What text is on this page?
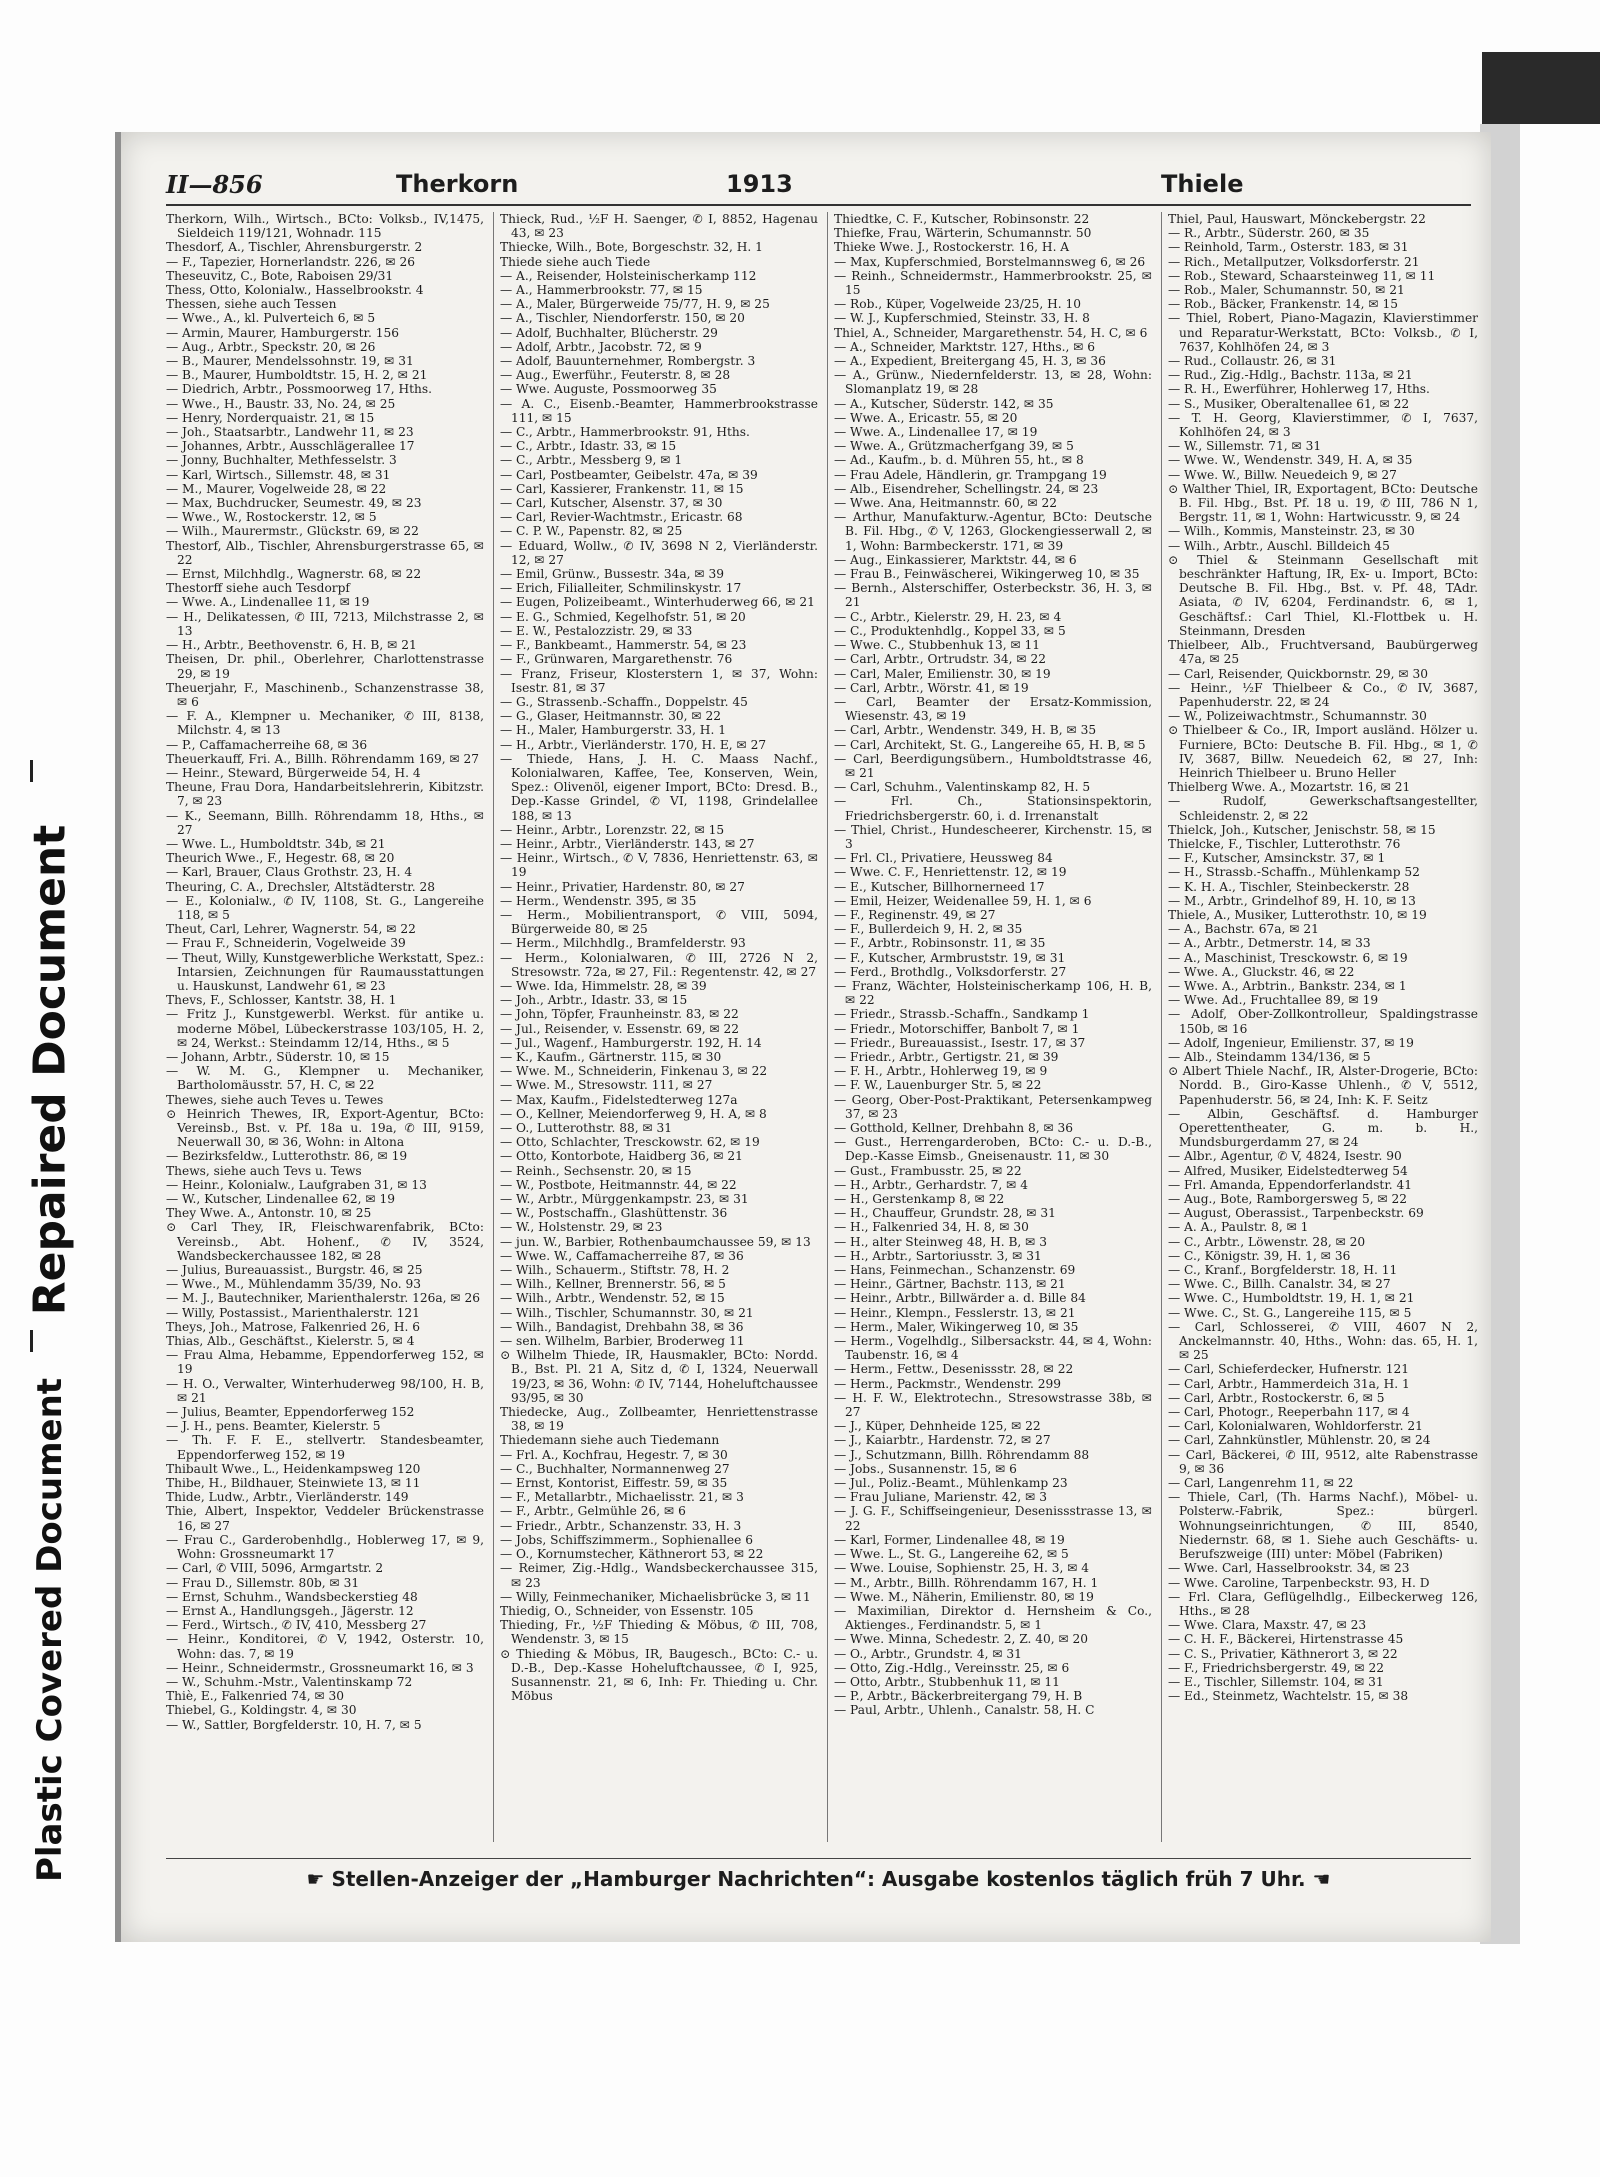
Repaired Document
Plastic Covered Document
II—856	Therkorn	1913	Thiele

Therkorn, Wilh., Wirtsch., BCto: Volksb., IV,1475, Sieldeich 119/121, Wohnadr. 115

Thesdorf, A., Tischler, Ahrensburgerstr. 2

— F., Tapezier, Hornerlandstr. 226, ✉ 26

Theseuvitz, C., Bote, Raboisen 29/31

Thess, Otto, Kolonialw., Hasselbrookstr. 4

Thessen, siehe auch Tessen

— Wwe., A., kl. Pulverteich 6, ✉ 5

— Armin, Maurer, Hamburgerstr. 156

— Aug., Arbtr., Speckstr. 20, ✉ 26

— B., Maurer, Mendelssohnstr. 19, ✉ 31

— B., Maurer, Humboldtstr. 15, H. 2, ✉ 21

— Diedrich, Arbtr., Possmoorweg 17, Hths.

— Wwe., H., Baustr. 33, No. 24, ✉ 25

— Henry, Norderquaistr. 21, ✉ 15

— Joh., Staatsarbtr., Landwehr 11, ✉ 23

— Johannes, Arbtr., Ausschlägerallee 17

— Jonny, Buchhalter, Methfesselstr. 3

— Karl, Wirtsch., Sillemstr. 48, ✉ 31

— M., Maurer, Vogelweide 28, ✉ 22

— Max, Buchdrucker, Seumestr. 49, ✉ 23

— Wwe., W., Rostockerstr. 12, ✉ 5

— Wilh., Maurermstr., Glückstr. 69, ✉ 22

Thestorf, Alb., Tischler, Ahrensburgerstrasse 65, ✉ 22

— Ernst, Milchhdlg., Wagnerstr. 68, ✉ 22

Thestorff siehe auch Tesdorpf

— Wwe. A., Lindenallee 11, ✉ 19

— H., Delikatessen, ✆ III, 7213, Milchstrasse 2, ✉ 13

— H., Arbtr., Beethovenstr. 6, H. B, ✉ 21

Theisen, Dr. phil., Oberlehrer, Charlottenstrasse 29, ✉ 19

Theuerjahr, F., Maschinenb., Schanzenstrasse 38, ✉ 6

— F. A., Klempner u. Mechaniker, ✆ III, 8138, Milchstr. 4, ✉ 13

— P., Caffamacherreihe 68, ✉ 36

Theuerkauff, Fri. A., Billh. Röhrendamm 169, ✉ 27

— Heinr., Steward, Bürgerweide 54, H. 4

Theune, Frau Dora, Handarbeitslehrerin, Kibitzstr. 7, ✉ 23

— K., Seemann, Billh. Röhrendamm 18, Hths., ✉ 27

— Wwe. L., Humboldtstr. 34b, ✉ 21

Theurich Wwe., F., Hegestr. 68, ✉ 20

— Karl, Brauer, Claus Grothstr. 23, H. 4

Theuring, C. A., Drechsler, Altstädterstr. 28

— E., Kolonialw., ✆ IV, 1108, St. G., Langereihe 118, ✉ 5

Theut, Carl, Lehrer, Wagnerstr. 54, ✉ 22

— Frau F., Schneiderin, Vogelweide 39

— Theut, Willy, Kunstgewerbliche Werkstatt, Spez.: Intarsien, Zeichnungen für Raumausstattungen u. Hauskunst, Landwehr 61, ✉ 23

Thevs, F., Schlosser, Kantstr. 38, H. 1

— Fritz J., Kunstgewerbl. Werkst. für antike u. moderne Möbel, Lübeckerstrasse 103/105, H. 2, ✉ 24, Werkst.: Steindamm 12/14, Hths., ✉ 5

— Johann, Arbtr., Süderstr. 10, ✉ 15

— W. M. G., Klempner u. Mechaniker, Bartholomäusstr. 57, H. C, ✉ 22

Thewes, siehe auch Teves u. Tewes

⊙ Heinrich Thewes, IR, Export-Agentur, BCto: Vereinsb., Bst. v. Pf. 18a u. 19a, ✆ III, 9159, Neuerwall 30, ✉ 36, Wohn: in Altona

— Bezirksfeldw., Lutterothstr. 86, ✉ 19

Thews, siehe auch Tevs u. Tews

— Heinr., Kolonialw., Laufgraben 31, ✉ 13

— W., Kutscher, Lindenallee 62, ✉ 19

They Wwe. A., Antonstr. 10, ✉ 25

⊙ Carl They, IR, Fleischwarenfabrik, BCto: Vereinsb., Abt. Hohenf., ✆ IV, 3524, Wandsbeckerchaussee 182, ✉ 28

— Julius, Bureauassist., Burgstr. 46, ✉ 25

— Wwe., M., Mühlendamm 35/39, No. 93

— M. J., Bautechniker, Marienthalerstr. 126a, ✉ 26

— Willy, Postassist., Marienthalerstr. 121

Theys, Joh., Matrose, Falkenried 26, H. 6

Thias, Alb., Geschäftst., Kielerstr. 5, ✉ 4

— Frau Alma, Hebamme, Eppendorferweg 152, ✉ 19

— H. O., Verwalter, Winterhuderweg 98/100, H. B, ✉ 21

— Julius, Beamter, Eppendorferweg 152

— J. H., pens. Beamter, Kielerstr. 5

— Th. F. F. E., stellvertr. Standesbeamter, Eppendorferweg 152, ✉ 19

Thibault Wwe., L., Heidenkampsweg 120

Thibe, H., Bildhauer, Steinwiete 13, ✉ 11

Thide, Ludw., Arbtr., Vierländerstr. 149

Thie, Albert, Inspektor, Veddeler Brückenstrasse 16, ✉ 27

— Frau C., Garderobenhdlg., Hoblerweg 17, ✉ 9, Wohn: Grossneumarkt 17

— Carl, ✆ VIII, 5096, Armgartstr. 2

— Frau D., Sillemstr. 80b, ✉ 31

— Ernst, Schuhm., Wandsbeckerstieg 48

— Ernst A., Handlungsgeh., Jägerstr. 12

— Ferd., Wirtsch., ✆ IV, 410, Messberg 27

— Heinr., Konditorei, ✆ V, 1942, Osterstr. 10, Wohn: das. 7, ✉ 19

— Heinr., Schneidermstr., Grossneumarkt 16, ✉ 3

— W., Schuhm.-Mstr., Valentinskamp 72

Thiè, E., Falkenried 74, ✉ 30

Thiebel, G., Koldingstr. 4, ✉ 30

— W., Sattler, Borgfelderstr. 10, H. 7, ✉ 5

Thieck, Rud., ½F H. Saenger, ✆ I, 8852, Hagenau 43, ✉ 23

Thiecke, Wilh., Bote, Borgeschstr. 32, H. 1

Thiede siehe auch Tiede

— A., Reisender, Holsteinischerkamp 112

— A., Hammerbrookstr. 77, ✉ 15

— A., Maler, Bürgerweide 75/77, H. 9, ✉ 25

— A., Tischler, Niendorferstr. 150, ✉ 20

— Adolf, Buchhalter, Blücherstr. 29

— Adolf, Arbtr., Jacobstr. 72, ✉ 9

— Adolf, Bauunternehmer, Rombergstr. 3

— Aug., Ewerführ., Feuterstr. 8, ✉ 28

— Wwe. Auguste, Possmoorweg 35

— A. C., Eisenb.-Beamter, Hammerbrookstrasse 111, ✉ 15

— C., Arbtr., Hammerbrookstr. 91, Hths.

— C., Arbtr., Idastr. 33, ✉ 15

— C., Arbtr., Messberg 9, ✉ 1

— Carl, Postbeamter, Geibelstr. 47a, ✉ 39

— Carl, Kassierer, Frankenstr. 11, ✉ 15

— Carl, Kutscher, Alsenstr. 37, ✉ 30

— Carl, Revier-Wachtmstr., Ericastr. 68

— C. P. W., Papenstr. 82, ✉ 25

— Eduard, Wollw., ✆ IV, 3698 N 2, Vierländerstr. 12, ✉ 27

— Emil, Grünw., Bussestr. 34a, ✉ 39

— Erich, Filialleiter, Schmilinskystr. 17

— Eugen, Polizeibeamt., Winterhuderweg 66, ✉ 21

— E. G., Schmied, Kegelhofstr. 51, ✉ 20

— E. W., Pestalozzistr. 29, ✉ 33

— F., Bankbeamt., Hammerstr. 54, ✉ 23

— F., Grünwaren, Margarethenstr. 76

— Franz, Friseur, Klosterstern 1, ✉ 37, Wohn: Isestr. 81, ✉ 37

— G., Strassenb.-Schaffn., Doppelstr. 45

— G., Glaser, Heitmannstr. 30, ✉ 22

— H., Maler, Hamburgerstr. 33, H. 1

— H., Arbtr., Vierländerstr. 170, H. E, ✉ 27

— Thiede, Hans, J. H. C. Maass Nachf., Kolonialwaren, Kaffee, Tee, Konserven, Wein, Spez.: Olivenöl, eigener Import, BCto: Dresd. B., Dep.-Kasse Grindel, ✆ VI, 1198, Grindelallee 188, ✉ 13

— Heinr., Arbtr., Lorenzstr. 22, ✉ 15

— Heinr., Arbtr., Vierländerstr. 143, ✉ 27

— Heinr., Wirtsch., ✆ V, 7836, Henriettenstr. 63, ✉ 19

— Heinr., Privatier, Hardenstr. 80, ✉ 27

— Herm., Wendenstr. 395, ✉ 35

— Herm., Mobilientransport, ✆ VIII, 5094, Bürgerweide 80, ✉ 25

— Herm., Milchhdlg., Bramfelderstr. 93

— Herm., Kolonialwaren, ✆ III, 2726 N 2, Stresowstr. 72a, ✉ 27, Fil.: Regentenstr. 42, ✉ 27

— Wwe. Ida, Himmelstr. 28, ✉ 39

— Joh., Arbtr., Idastr. 33, ✉ 15

— John, Töpfer, Fraunheinstr. 83, ✉ 22

— Jul., Reisender, v. Essenstr. 69, ✉ 22

— Jul., Wagenf., Hamburgerstr. 192, H. 14

— K., Kaufm., Gärtnerstr. 115, ✉ 30

— Wwe. M., Schneiderin, Finkenau 3, ✉ 22

— Wwe. M., Stresowstr. 111, ✉ 27

— Max, Kaufm., Fidelstedterweg 127a

— O., Kellner, Meiendorferweg 9, H. A, ✉ 8

— O., Lutterothstr. 88, ✉ 31

— Otto, Schlachter, Tresckowstr. 62, ✉ 19

— Otto, Kontorbote, Haidberg 36, ✉ 21

— Reinh., Sechsenstr. 20, ✉ 15

— W., Postbote, Heitmannstr. 44, ✉ 22

— W., Arbtr., Mürggenkampstr. 23, ✉ 31

— W., Postschaffn., Glashüttenstr. 36

— W., Holstenstr. 29, ✉ 23

— jun. W., Barbier, Rothenbaumchaussee 59, ✉ 13

— Wwe. W., Caffamacherreihe 87, ✉ 36

— Wilh., Schauerm., Stiftstr. 78, H. 2

— Wilh., Kellner, Brennerstr. 56, ✉ 5

— Wilh., Arbtr., Wendenstr. 52, ✉ 15

— Wilh., Tischler, Schumannstr. 30, ✉ 21

— Wilh., Bandagist, Drehbahn 38, ✉ 36

— sen. Wilhelm, Barbier, Broderweg 11

⊙ Wilhelm Thiede, IR, Hausmakler, BCto: Nordd. B., Bst. Pl. 21 A, Sitz d, ✆ I, 1324, Neuerwall 19/23, ✉ 36, Wohn: ✆ IV, 7144, Hoheluftchaussee 93/95, ✉ 30

Thiedecke, Aug., Zollbeamter, Henriettenstrasse 38, ✉ 19

Thiedemann siehe auch Tiedemann

— Frl. A., Kochfrau, Hegestr. 7, ✉ 30

— C., Buchhalter, Normannenweg 27

— Ernst, Kontorist, Eiffestr. 59, ✉ 35

— F., Metallarbtr., Michaelisstr. 21, ✉ 3

— F., Arbtr., Gelmühle 26, ✉ 6

— Friedr., Arbtr., Schanzenstr. 33, H. 3

— Jobs, Schiffszimmerm., Sophienallee 6

— O., Kornumstecher, Käthnerort 53, ✉ 22

— Reimer, Zig.-Hdlg., Wandsbeckerchaussee 315, ✉ 23

— Willy, Feinmechaniker, Michaelisbrücke 3, ✉ 11

Thiedig, O., Schneider, von Essenstr. 105

Thieding, Fr., ½F Thieding & Möbus, ✆ III, 708, Wendenstr. 3, ✉ 15

⊙ Thieding & Möbus, IR, Baugesch., BCto: C.- u. D.-B., Dep.-Kasse Hoheluftchaussee, ✆ I, 925, Susannenstr. 21, ✉ 6, Inh: Fr. Thieding u. Chr. Möbus

Thiedtke, C. F., Kutscher, Robinsonstr. 22

Thiefke, Frau, Wärterin, Schumannstr. 50

Thieke Wwe. J., Rostockerstr. 16, H. A

— Max, Kupferschmied, Borstelmannsweg 6, ✉ 26

— Reinh., Schneidermstr., Hammerbrookstr. 25, ✉ 15

— Rob., Küper, Vogelweide 23/25, H. 10

— W. J., Kupferschmied, Steinstr. 33, H. 8

Thiel, A., Schneider, Margarethenstr. 54, H. C, ✉ 6

— A., Schneider, Marktstr. 127, Hths., ✉ 6

— A., Expedient, Breitergang 45, H. 3, ✉ 36

— A., Grünw., Niedernfelderstr. 13, ✉ 28, Wohn: Slomanplatz 19, ✉ 28

— A., Kutscher, Süderstr. 142, ✉ 35

— Wwe. A., Ericastr. 55, ✉ 20

— Wwe. A., Lindenallee 17, ✉ 19

— Wwe. A., Grützmacherfgang 39, ✉ 5

— Ad., Kaufm., b. d. Mühren 55, ht., ✉ 8

— Frau Adele, Händlerin, gr. Trampgang 19

— Alb., Eisendreher, Schellingstr. 24, ✉ 23

— Wwe. Ana, Heitmannstr. 60, ✉ 22

— Arthur, Manufakturw.-Agentur, BCto: Deutsche B. Fil. Hbg., ✆ V, 1263, Glockengiesserwall 2, ✉ 1, Wohn: Barmbeckerstr. 171, ✉ 39

— Aug., Einkassierer, Marktstr. 44, ✉ 6

— Frau B., Feinwäscherei, Wikingerweg 10, ✉ 35

— Bernh., Alsterschiffer, Osterbeckstr. 36, H. 3, ✉ 21

— C., Arbtr., Kielerstr. 29, H. 23, ✉ 4

— C., Produktenhdlg., Koppel 33, ✉ 5

— Wwe. C., Stubbenhuk 13, ✉ 11

— Carl, Arbtr., Ortrudstr. 34, ✉ 22

— Carl, Maler, Emilienstr. 30, ✉ 19

— Carl, Arbtr., Wörstr. 41, ✉ 19

— Carl, Beamter der Ersatz-Kommission, Wiesenstr. 43, ✉ 19

— Carl, Arbtr., Wendenstr. 349, H. B, ✉ 35

— Carl, Architekt, St. G., Langereihe 65, H. B, ✉ 5

— Carl, Beerdigungsübern., Humboldtstrasse 46, ✉ 21

— Carl, Schuhm., Valentinskamp 82, H. 5

— Frl. Ch., Stationsinspektorin, Friedrichsbergerstr. 60, i. d. Irrenanstalt

— Thiel, Christ., Hundescheerer, Kirchenstr. 15, ✉ 3

— Frl. Cl., Privatiere, Heussweg 84

— Wwe. C. F., Henriettenstr. 12, ✉ 19

— E., Kutscher, Billhornerneed 17

— Emil, Heizer, Weidenallee 59, H. 1, ✉ 6

— F., Reginenstr. 49, ✉ 27

— F., Bullerdeich 9, H. 2, ✉ 35

— F., Arbtr., Robinsonstr. 11, ✉ 35

— F., Kutscher, Armbruststr. 19, ✉ 31

— Ferd., Brothdlg., Volksdorferstr. 27

— Franz, Wächter, Holsteinischerkamp 106, H. B, ✉ 22

— Friedr., Strassb.-Schaffn., Sandkamp 1

— Friedr., Motorschiffer, Banbolt 7, ✉ 1

— Friedr., Bureauassist., Isestr. 17, ✉ 37

— Friedr., Arbtr., Gertigstr. 21, ✉ 39

— F. H., Arbtr., Hohlerweg 19, ✉ 9

— F. W., Lauenburger Str. 5, ✉ 22

— Georg, Ober-Post-Praktikant, Petersenkampweg 37, ✉ 23

— Gotthold, Kellner, Drehbahn 8, ✉ 36

— Gust., Herrengarderoben, BCto: C.- u. D.-B., Dep.-Kasse Eimsb., Gneisenaustr. 11, ✉ 30

— Gust., Frambusstr. 25, ✉ 22

— H., Arbtr., Gerhardstr. 7, ✉ 4

— H., Gerstenkamp 8, ✉ 22

— H., Chauffeur, Grundstr. 28, ✉ 31

— H., Falkenried 34, H. 8, ✉ 30

— H., alter Steinweg 48, H. B, ✉ 3

— H., Arbtr., Sartoriusstr. 3, ✉ 31

— Hans, Feinmechan., Schanzenstr. 69

— Heinr., Gärtner, Bachstr. 113, ✉ 21

— Heinr., Arbtr., Billwärder a. d. Bille 84

— Heinr., Klempn., Fesslerstr. 13, ✉ 21

— Herm., Maler, Wikingerweg 10, ✉ 35

— Herm., Vogelhdlg., Silbersackstr. 44, ✉ 4, Wohn: Taubenstr. 16, ✉ 4

— Herm., Fettw., Desenissstr. 28, ✉ 22

— Herm., Packmstr., Wendenstr. 299

— H. F. W., Elektrotechn., Stresowstrasse 38b, ✉ 27

— J., Küper, Dehnheide 125, ✉ 22

— J., Kaiarbtr., Hardenstr. 72, ✉ 27

— J., Schutzmann, Billh. Röhrendamm 88

— Jobs., Susannenstr. 15, ✉ 6

— Jul., Poliz.-Beamt., Mühlenkamp 23

— Frau Juliane, Marienstr. 42, ✉ 3

— J. G. F., Schiffseingenieur, Desenissstrasse 13, ✉ 22

— Karl, Former, Lindenallee 48, ✉ 19

— Wwe. L., St. G., Langereihe 62, ✉ 5

— Wwe. Louise, Sophienstr. 25, H. 3, ✉ 4

— M., Arbtr., Billh. Röhrendamm 167, H. 1

— Wwe. M., Näherin, Emilienstr. 80, ✉ 19

— Maximilian, Direktor d. Hernsheim & Co., Aktienges., Ferdinandstr. 5, ✉ 1

— Wwe. Minna, Schedestr. 2, Z. 40, ✉ 20

— O., Arbtr., Grundstr. 4, ✉ 31

— Otto, Zig.-Hdlg., Vereinsstr. 25, ✉ 6

— Otto, Arbtr., Stubbenhuk 11, ✉ 11

— P., Arbtr., Bäckerbreitergang 79, H. B

— Paul, Arbtr., Uhlenh., Canalstr. 58, H. C

Thiel, Paul, Hauswart, Mönckebergstr. 22

— R., Arbtr., Süderstr. 260, ✉ 35

— Reinhold, Tarm., Osterstr. 183, ✉ 31

— Rich., Metallputzer, Volksdorferstr. 21

— Rob., Steward, Schaarsteinweg 11, ✉ 11

— Rob., Maler, Schumannstr. 50, ✉ 21

— Rob., Bäcker, Frankenstr. 14, ✉ 15

— Thiel, Robert, Piano-Magazin, Klavierstimmer und Reparatur-Werkstatt, BCto: Volksb., ✆ I, 7637, Kohlhöfen 24, ✉ 3

— Rud., Collaustr. 26, ✉ 31

— Rud., Zig.-Hdlg., Bachstr. 113a, ✉ 21

— R. H., Ewerführer, Hohlerweg 17, Hths.

— S., Musiker, Oberaltenallee 61, ✉ 22

— T. H. Georg, Klavierstimmer, ✆ I, 7637, Kohlhöfen 24, ✉ 3

— W., Sillemstr. 71, ✉ 31

— Wwe. W., Wendenstr. 349, H. A, ✉ 35

— Wwe. W., Billw. Neuedeich 9, ✉ 27

⊙ Walther Thiel, IR, Exportagent, BCto: Deutsche B. Fil. Hbg., Bst. Pf. 18 u. 19, ✆ III, 786 N 1, Bergstr. 11, ✉ 1, Wohn: Hartwicusstr. 9, ✉ 24

— Wilh., Kommis, Mansteinstr. 23, ✉ 30

— Wilh., Arbtr., Auschl. Billdeich 45

⊙ Thiel & Steinmann Gesellschaft mit beschränkter Haftung, IR, Ex- u. Import, BCto: Deutsche B. Fil. Hbg., Bst. v. Pf. 48, TAdr. Asiata, ✆ IV, 6204, Ferdinandstr. 6, ✉ 1, Geschäftsf.: Carl Thiel, Kl.-Flottbek u. H. Steinmann, Dresden

Thielbeer, Alb., Fruchtversand, Baubürgerweg 47a, ✉ 25

— Carl, Reisender, Quickbornstr. 29, ✉ 30

— Heinr., ½F Thielbeer & Co., ✆ IV, 3687, Papenhuderstr. 22, ✉ 24

— W., Polizeiwachtmstr., Schumannstr. 30

⊙ Thielbeer & Co., IR, Import ausländ. Hölzer u. Furniere, BCto: Deutsche B. Fil. Hbg., ✉ 1, ✆ IV, 3687, Billw. Neuedeich 62, ✉ 27, Inh: Heinrich Thielbeer u. Bruno Heller

Thielberg Wwe. A., Mozartstr. 16, ✉ 21

— Rudolf, Gewerkschaftsangestellter, Schleidenstr. 2, ✉ 22

Thielck, Joh., Kutscher, Jenischstr. 58, ✉ 15

Thielcke, F., Tischler, Lutterothstr. 76

— F., Kutscher, Amsinckstr. 37, ✉ 1

— H., Strassb.-Schaffn., Mühlenkamp 52

— K. H. A., Tischler, Steinbeckerstr. 28

— M., Arbtr., Grindelhof 89, H. 10, ✉ 13

Thiele, A., Musiker, Lutterothstr. 10, ✉ 19

— A., Bachstr. 67a, ✉ 21

— A., Arbtr., Detmerstr. 14, ✉ 33

— A., Maschinist, Tresckowstr. 6, ✉ 19

— Wwe. A., Gluckstr. 46, ✉ 22

— Wwe. A., Arbtrin., Bankstr. 234, ✉ 1

— Wwe. Ad., Fruchtallee 89, ✉ 19

— Adolf, Ober-Zollkontrolleur, Spaldingstrasse 150b, ✉ 16

— Adolf, Ingenieur, Emilienstr. 37, ✉ 19

— Alb., Steindamm 134/136, ✉ 5

⊙ Albert Thiele Nachf., IR, Alster-Drogerie, BCto: Nordd. B., Giro-Kasse Uhlenh., ✆ V, 5512, Papenhuderstr. 56, ✉ 24, Inh: K. F. Seitz

— Albin, Geschäftsf. d. Hamburger Operettentheater, G. m. b. H., Mundsburgerdamm 27, ✉ 24

— Albr., Agentur, ✆ V, 4824, Isestr. 90

— Alfred, Musiker, Eidelstedterweg 54

— Frl. Amanda, Eppendorferlandstr. 41

— Aug., Bote, Ramborgersweg 5, ✉ 22

— August, Oberassist., Tarpenbeckstr. 69

— A. A., Paulstr. 8, ✉ 1

— C., Arbtr., Löwenstr. 28, ✉ 20

— C., Königstr. 39, H. 1, ✉ 36

— C., Kranf., Borgfelderstr. 18, H. 11

— Wwe. C., Billh. Canalstr. 34, ✉ 27

— Wwe. C., Humboldtstr. 19, H. 1, ✉ 21

— Wwe. C., St. G., Langereihe 115, ✉ 5

— Carl, Schlosserei, ✆ VIII, 4607 N 2, Anckelmannstr. 40, Hths., Wohn: das. 65, H. 1, ✉ 25

— Carl, Schieferdecker, Hufnerstr. 121

— Carl, Arbtr., Hammerdeich 31a, H. 1

— Carl, Arbtr., Rostockerstr. 6, ✉ 5

— Carl, Photogr., Reeperbahn 117, ✉ 4

— Carl, Kolonialwaren, Wohldorferstr. 21

— Carl, Zahnkünstler, Mühlenstr. 20, ✉ 24

— Carl, Bäckerei, ✆ III, 9512, alte Rabenstrasse 9, ✉ 36

— Carl, Langenrehm 11, ✉ 22

— Thiele, Carl, (Th. Harms Nachf.), Möbel- u. Polsterw.-Fabrik, Spez.: bürgerl. Wohnungseinrichtungen, ✆ III, 8540, Niedernstr. 68, ✉ 1. Siehe auch Geschäfts- u. Berufszweige (III) unter: Möbel (Fabriken)

— Wwe. Carl, Hasselbrookstr. 34, ✉ 23

— Wwe. Caroline, Tarpenbeckstr. 93, H. D

— Frl. Clara, Geflügelhdlg., Eilbeckerweg 126, Hths., ✉ 28

— Wwe. Clara, Maxstr. 47, ✉ 23

— C. H. F., Bäckerei, Hirtenstrasse 45

— C. S., Privatier, Käthnerort 3, ✉ 22

— F., Friedrichsbergerstr. 49, ✉ 22

— E., Tischler, Sillemstr. 104, ✉ 31

— Ed., Steinmetz, Wachtelstr. 15, ✉ 38

☛ Stellen-Anzeiger der „Hamburger Nachrichten“: Ausgabe kostenlos täglich früh 7 Uhr. ☚
